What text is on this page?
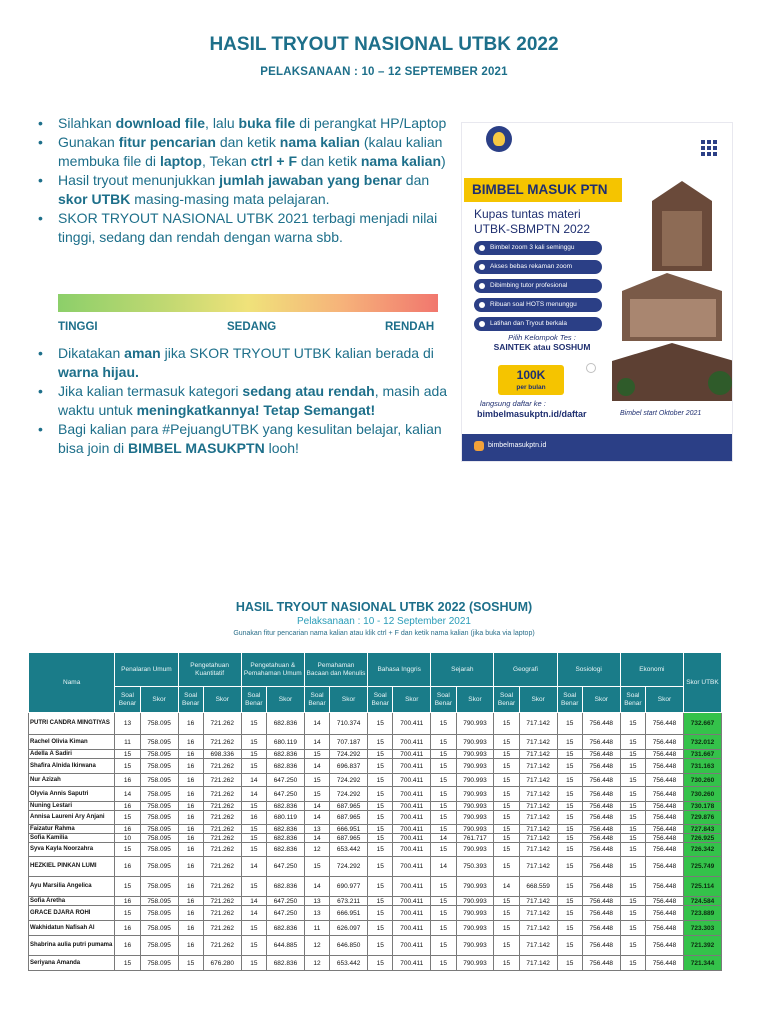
HASIL TRYOUT NASIONAL UTBK 2022
PELAKSANAAN : 10 – 12 SEPTEMBER 2021
• Silahkan download file, lalu buka file di perangkat HP/Laptop
• Gunakan fitur pencarian dan ketik nama kalian (kalau kalian membuka file di laptop, Tekan ctrl + F dan ketik nama kalian)
• Hasil tryout menunjukkan jumlah jawaban yang benar dan skor UTBK masing-masing mata pelajaran.
• SKOR TRYOUT NASIONAL UTBK 2021 terbagi menjadi nilai tinggi, sedang dan rendah dengan warna sbb.
TINGGI	SEDANG	RENDAH
• Dikatakan aman jika SKOR TRYOUT UTBK kalian berada di warna hijau.
• Jika kalian termasuk kategori sedang atau rendah, masih ada waktu untuk meningkatkannya! Tetap Semangat!
• Bagi kalian para #PejuangUTBK yang kesulitan belajar, kalian bisa join di BIMBEL MASUKPTN looh!
BIMBEL MASUK PTN
Kupas tuntas materi
UTBK-SBMPTN 2022
Bimbel zoom 3 kali seminggu
Akses bebas rekaman zoom
Dibimbing tutor profesional
Ribuan soal HOTS menunggu
Latihan dan Tryout berkala
Pilih Kelompok Tes :
SAINTEK atau SOSHUM
100K
per bulan
langsung daftar ke :
bimbelmasukptn.id/daftar	Bimbel start Oktober 2021
bimbelmasukptn.id
HASIL TRYOUT NASIONAL UTBK 2022 (SOSHUM)
Pelaksanaan : 10 - 12 September 2021
Gunakan fitur pencarian nama kalian atau klik ctrl + F dan ketik nama kalian (jika buka via laptop)
Nama	Penalaran Umum		Pengetahuan Kuantitatif		Pengetahuan & Pemahaman Umum		Pemahaman Bacaan dan Menulis		Bahasa Inggris		Sejarah		Geografi		Sosiologi		Ekonomi		Skor UTBK
	Soal Benar	Skor	Soal Benar	Skor	Soal Benar	Skor	Soal Benar	Skor	Soal Benar	Skor	Soal Benar	Skor	Soal Benar	Skor	Soal Benar	Skor	Soal Benar	Skor	
PUTRI CANDRA MINGTIYAS	13	758.095	16	721.262	15	682.836	14	710.374	15	700.411	15	790.993	15	717.142	15	756.448	15	756.448	732.667
Rachel Olivia Kiman	11	758.095	16	721.262	15	680.119	14	707.187	15	700.411	15	790.993	15	717.142	15	756.448	15	756.448	732.012
Adella A Sadiri	15	758.095	16	698.336	15	682.836	15	724.292	15	700.411	15	790.993	15	717.142	15	756.448	15	756.448	731.667
Shafira Alnida Ikirwana	15	758.095	16	721.262	15	682.836	14	696.837	15	700.411	15	790.993	15	717.142	15	756.448	15	756.448	731.163
Nur Azizah	16	758.095	16	721.262	14	647.250	15	724.292	15	700.411	15	790.993	15	717.142	15	756.448	15	756.448	730.260
Olyvia Annis Saputri	14	758.095	16	721.262	14	647.250	15	724.292	15	700.411	15	790.993	15	717.142	15	756.448	15	756.448	730.260
Nuning Lestari	16	758.095	16	721.262	15	682.836	14	687.965	15	700.411	15	790.993	15	717.142	15	756.448	15	756.448	730.178
Annisa Laureni Ary Anjani	15	758.095	16	721.262	16	680.119	14	687.965	15	700.411	15	790.993	15	717.142	15	756.448	15	756.448	729.876
Faizatur Rahma	16	758.095	16	721.262	15	682.836	13	666.951	15	700.411	15	790.993	15	717.142	15	756.448	15	756.448	727.843
Sofia Kamilia	10	758.095	16	721.262	15	682.836	14	687.965	15	700.411	14	761.717	15	717.142	15	756.448	15	756.448	726.925
Syva Kayla Noorzahra	15	758.095	16	721.262	15	682.836	12	653.442	15	700.411	15	790.993	15	717.142	15	756.448	15	756.448	726.342
HEZKIEL PINKAN LUMI	16	758.095	16	721.262	14	647.250	15	724.292	15	700.411	14	750.393	15	717.142	15	756.448	15	756.448	725.749
Ayu Marsilia Angelica	15	758.095	16	721.262	15	682.836	14	690.977	15	700.411	15	790.993	14	668.559	15	756.448	15	756.448	725.114
Sofia Aretha	16	758.095	16	721.262	14	647.250	13	673.211	15	700.411	15	790.993	15	717.142	15	756.448	15	756.448	724.584
GRACE DJARA ROHI	15	758.095	16	721.262	14	647.250	13	666.951	15	700.411	15	790.993	15	717.142	15	756.448	15	756.448	723.889
Wakhidatun Nafisah Al	16	758.095	16	721.262	15	682.836	11	626.097	15	700.411	15	790.993	15	717.142	15	756.448	15	756.448	723.303
Shabrina aulia putri pumama	16	758.095	16	721.262	15	644.885	12	646.850	15	700.411	15	790.993	15	717.142	15	756.448	15	756.448	721.392
Seriyana Amanda	15	758.095	15	676.280	15	682.836	12	653.442	15	700.411	15	790.993	15	717.142	15	756.448	15	756.448	721.344
